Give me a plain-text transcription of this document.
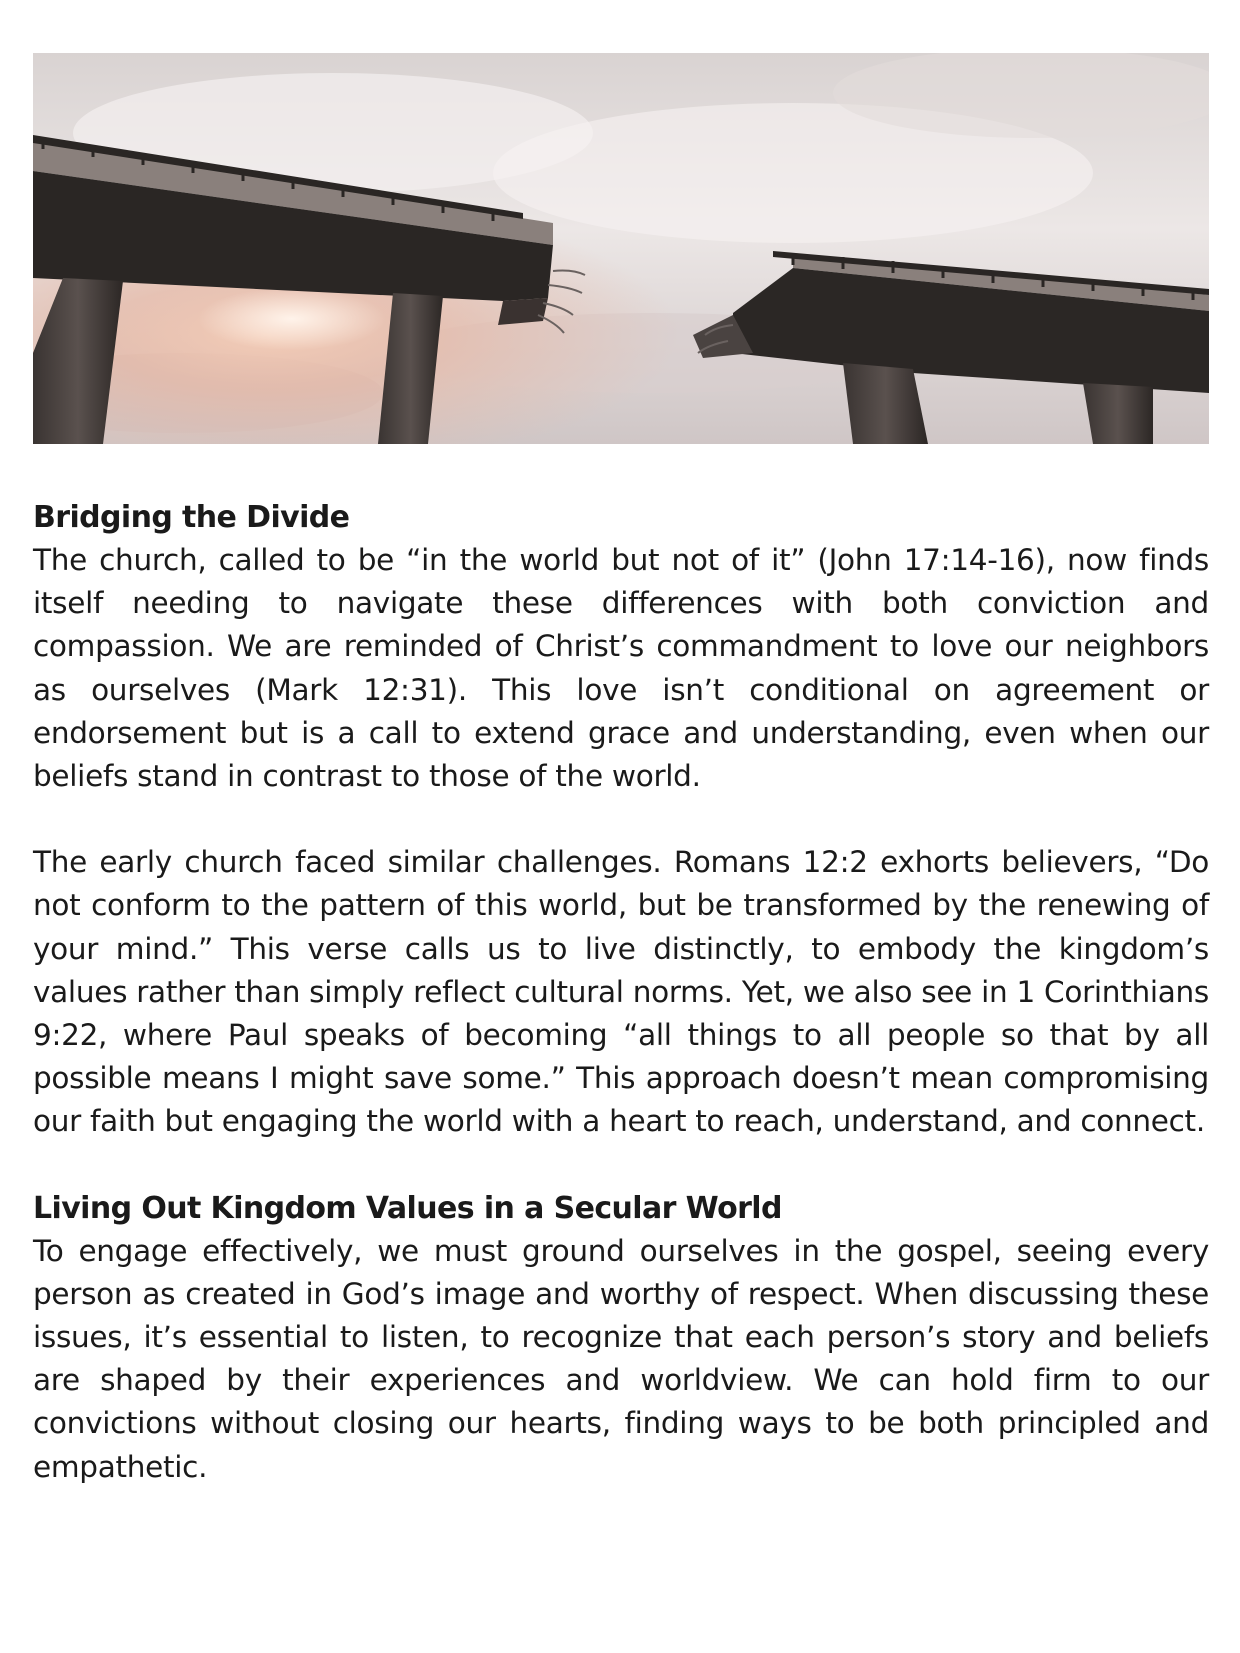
Bridging the Divide

The church, called to be “in the world but not of it” (John 17:14-16), now finds itself needing to navigate these differences with both conviction and compassion. We are reminded of Christ’s commandment to love our neighbors as ourselves (Mark 12:31). This love isn’t conditional on agreement or endorsement but is a call to extend grace and understanding, even when our beliefs stand in contrast to those of the world.

The early church faced similar challenges. Romans 12:2 exhorts believers, “Do not conform to the pattern of this world, but be transformed by the renewing of your mind.” This verse calls us to live distinctly, to embody the kingdom’s values rather than simply reflect cultural norms. Yet, we also see in 1 Corinthians 9:22, where Paul speaks of becoming “all things to all people so that by all possible means I might save some.” This approach doesn’t mean compromising our faith but engaging the world with a heart to reach, understand, and connect.

Living Out Kingdom Values in a Secular World

To engage effectively, we must ground ourselves in the gospel, seeing every person as created in God’s image and worthy of respect. When discussing these issues, it’s essential to listen, to recognize that each person’s story and beliefs are shaped by their experiences and worldview. We can hold firm to our convictions without closing our hearts, finding ways to be both principled and empathetic.
